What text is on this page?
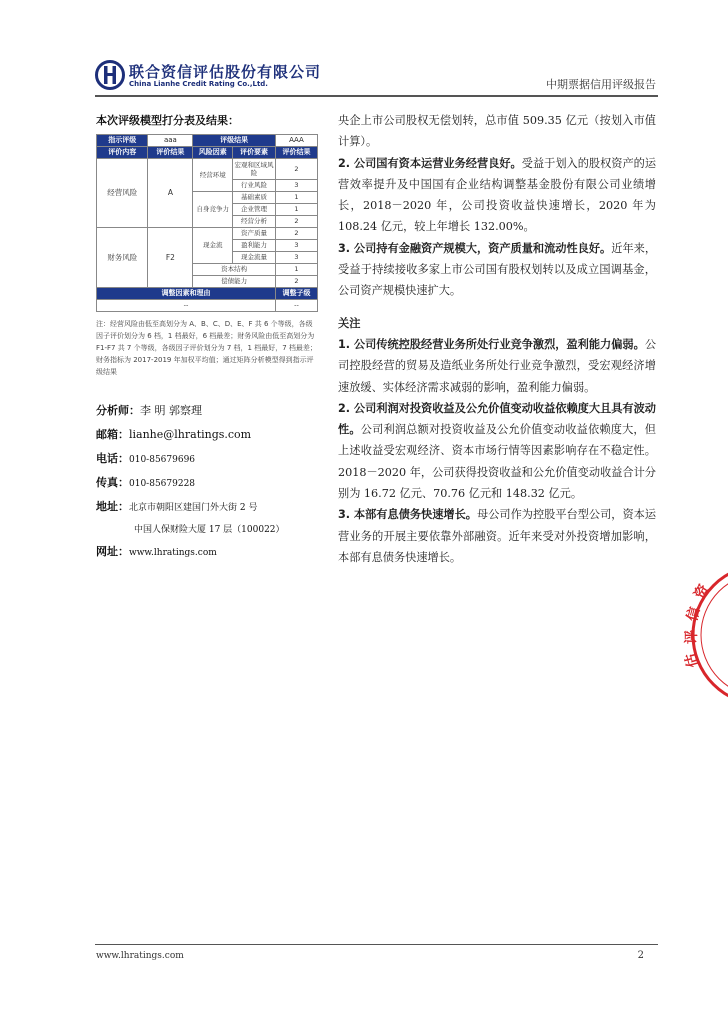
联合资信评估股份有限公司
China Lianhe Credit Rating Co.,Ltd.	中期票据信用评级报告
本次评级模型打分表及结果：
指示评级	aaa	评级结果		AAA
评价内容	评价结果	风险因素	评价要素	评价结果
经营风险	A	经营环境	宏观和区域风险	2
			行业风险	3
		自身竞争力	基础素质	1
			企业管理	1
			经营分析	2
财务风险	F2	现金流	资产质量	2
			盈利能力	3
			现金流量	3
		资本结构		1
		偿债能力		2
调整因素和理由				调整子级
--				--
注：经营风险由低至高划分为 A、B、C、D、E、F 共 6 个等级，各级因子评价划分为 6 档，1 档最好，6 档最差；财务风险由低至高划分为 F1-F7 共 7 个等级，各级因子评价划分为 7 档，1 档最好，7 档最差；财务指标为 2017-2019 年加权平均值；通过矩阵分析模型得到指示评级结果
分析师：李 明 郭察理
邮箱：lianhe@lhratings.com
电话：010-85679696
传真：010-85679228
地址：北京市朝阳区建国门外大街 2 号
中国人保财险大厦 17 层（100022）
网址：www.lhratings.com

央企上市公司股权无偿划转，总市值 509.35 亿元（按划入市值计算）。

2. 公司国有资本运营业务经营良好。受益于划入的股权资产的运营效率提升及中国国有企业结构调整基金股份有限公司业绩增长，2018－2020 年，公司投资收益快速增长，2020 年为 108.24 亿元，较上年增长 132.00%。

3. 公司持有金融资产规模大，资产质量和流动性良好。近年来，受益于持续接收多家上市公司国有股权划转以及成立国调基金，公司资产规模快速扩大。

关注

1. 公司传统控股经营业务所处行业竞争激烈，盈利能力偏弱。公司控股经营的贸易及造纸业务所处行业竞争激烈，受宏观经济增速放缓、实体经济需求减弱的影响，盈利能力偏弱。

2. 公司利润对投资收益及公允价值变动收益依赖度大且具有波动性。公司利润总额对投资收益及公允价值变动收益依赖度大，但上述收益受宏观经济、资本市场行情等因素影响存在不稳定性。2018－2020 年，公司获得投资收益和公允价值变动收益合计分别为 16.72 亿元、70.76 亿元和 148.32 亿元。

3. 本部有息债务快速增长。母公司作为控股平台型公司，资本运营业务的开展主要依靠外部融资。近年来受对外投资增加影响，本部有息债务快速增长。

资
信
评
估
www.lhratings.com	2
